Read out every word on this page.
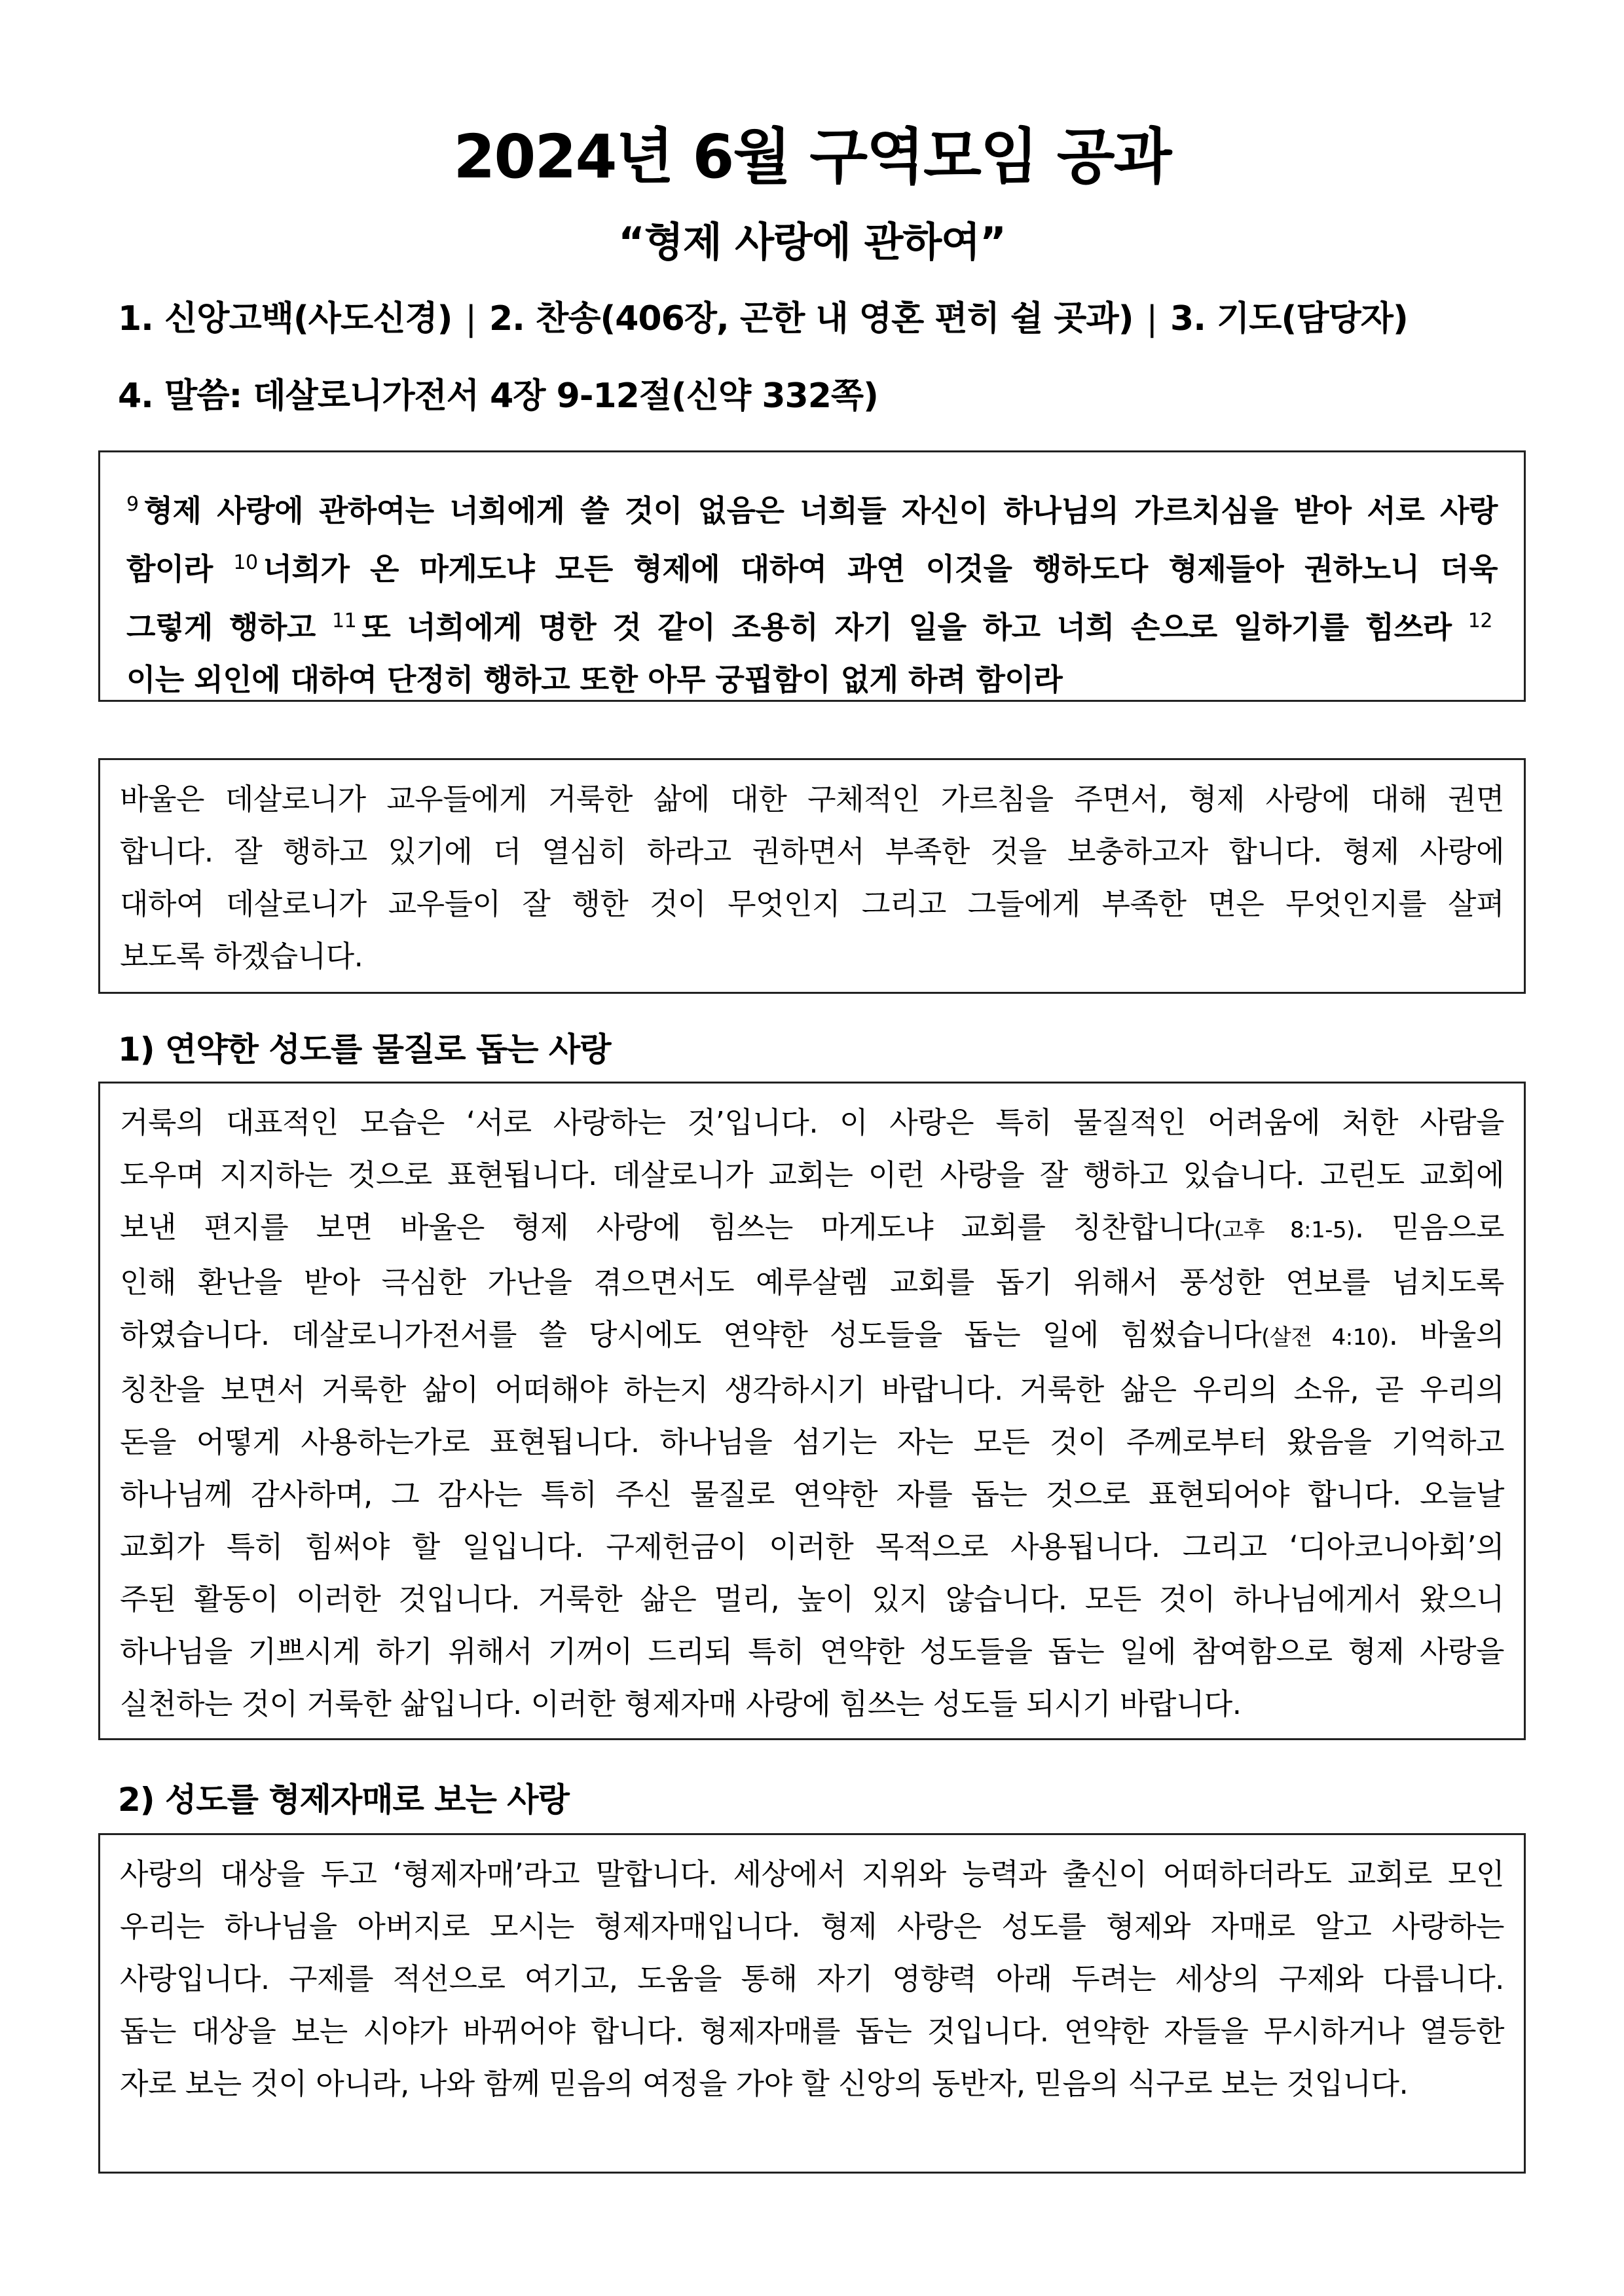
2024년 6월 구역모임 공과
“형제 사랑에 관하여”
1. 신앙고백(사도신경) | 2. 찬송(406장, 곤한 내 영혼 편히 쉴 곳과) | 3. 기도(담당자)
4. 말씀: 데살로니가전서 4장 9-12절(신약 332쪽)
$^9$ 형제 사랑에 관하여는 너희에게 쓸 것이 없음은 너희들 자신이 하나님의 가르치심을 받아 서로 사랑
함이라 $^{10}$ 너희가 온 마게도냐 모든 형제에 대하여 과연 이것을 행하도다 형제들아 권하노니 더욱
그렇게 행하고 $^{11}$ 또 너희에게 명한 것 같이 조용히 자기 일을 하고 너희 손으로 일하기를 힘쓰라 $^{12}$
이는 외인에 대하여 단정히 행하고 또한 아무 궁핍함이 없게 하려 함이라
바울은 데살로니가 교우들에게 거룩한 삶에 대한 구체적인 가르침을 주면서, 형제 사랑에 대해 권면
합니다. 잘 행하고 있기에 더 열심히 하라고 권하면서 부족한 것을 보충하고자 합니다. 형제 사랑에
대하여 데살로니가 교우들이 잘 행한 것이 무엇인지 그리고 그들에게 부족한 면은 무엇인지를 살펴
보도록 하겠습니다.
1) 연약한 성도를 물질로 돕는 사랑
거룩의 대표적인 모습은 ‘서로 사랑하는 것’입니다. 이 사랑은 특히 물질적인 어려움에 처한 사람을
도우며 지지하는 것으로 표현됩니다. 데살로니가 교회는 이런 사랑을 잘 행하고 있습니다. 고린도 교회에
보낸 편지를 보면 바울은 형제 사랑에 힘쓰는 마게도냐 교회를 칭찬합니다(고후 8:1-5). 믿음으로
인해 환난을 받아 극심한 가난을 겪으면서도 예루살렘 교회를 돕기 위해서 풍성한 연보를 넘치도록
하였습니다. 데살로니가전서를 쓸 당시에도 연약한 성도들을 돕는 일에 힘썼습니다(살전 4:10). 바울의
칭찬을 보면서 거룩한 삶이 어떠해야 하는지 생각하시기 바랍니다. 거룩한 삶은 우리의 소유, 곧 우리의
돈을 어떻게 사용하는가로 표현됩니다. 하나님을 섬기는 자는 모든 것이 주께로부터 왔음을 기억하고
하나님께 감사하며, 그 감사는 특히 주신 물질로 연약한 자를 돕는 것으로 표현되어야 합니다. 오늘날
교회가 특히 힘써야 할 일입니다. 구제헌금이 이러한 목적으로 사용됩니다. 그리고 ‘디아코니아회’의
주된 활동이 이러한 것입니다. 거룩한 삶은 멀리, 높이 있지 않습니다. 모든 것이 하나님에게서 왔으니
하나님을 기쁘시게 하기 위해서 기꺼이 드리되 특히 연약한 성도들을 돕는 일에 참여함으로 형제 사랑을
실천하는 것이 거룩한 삶입니다. 이러한 형제자매 사랑에 힘쓰는 성도들 되시기 바랍니다.
2) 성도를 형제자매로 보는 사랑
사랑의 대상을 두고 ‘형제자매’라고 말합니다. 세상에서 지위와 능력과 출신이 어떠하더라도 교회로 모인
우리는 하나님을 아버지로 모시는 형제자매입니다. 형제 사랑은 성도를 형제와 자매로 알고 사랑하는
사랑입니다. 구제를 적선으로 여기고, 도움을 통해 자기 영향력 아래 두려는 세상의 구제와 다릅니다.
돕는 대상을 보는 시야가 바뀌어야 합니다. 형제자매를 돕는 것입니다. 연약한 자들을 무시하거나 열등한
자로 보는 것이 아니라, 나와 함께 믿음의 여정을 가야 할 신앙의 동반자, 믿음의 식구로 보는 것입니다.
